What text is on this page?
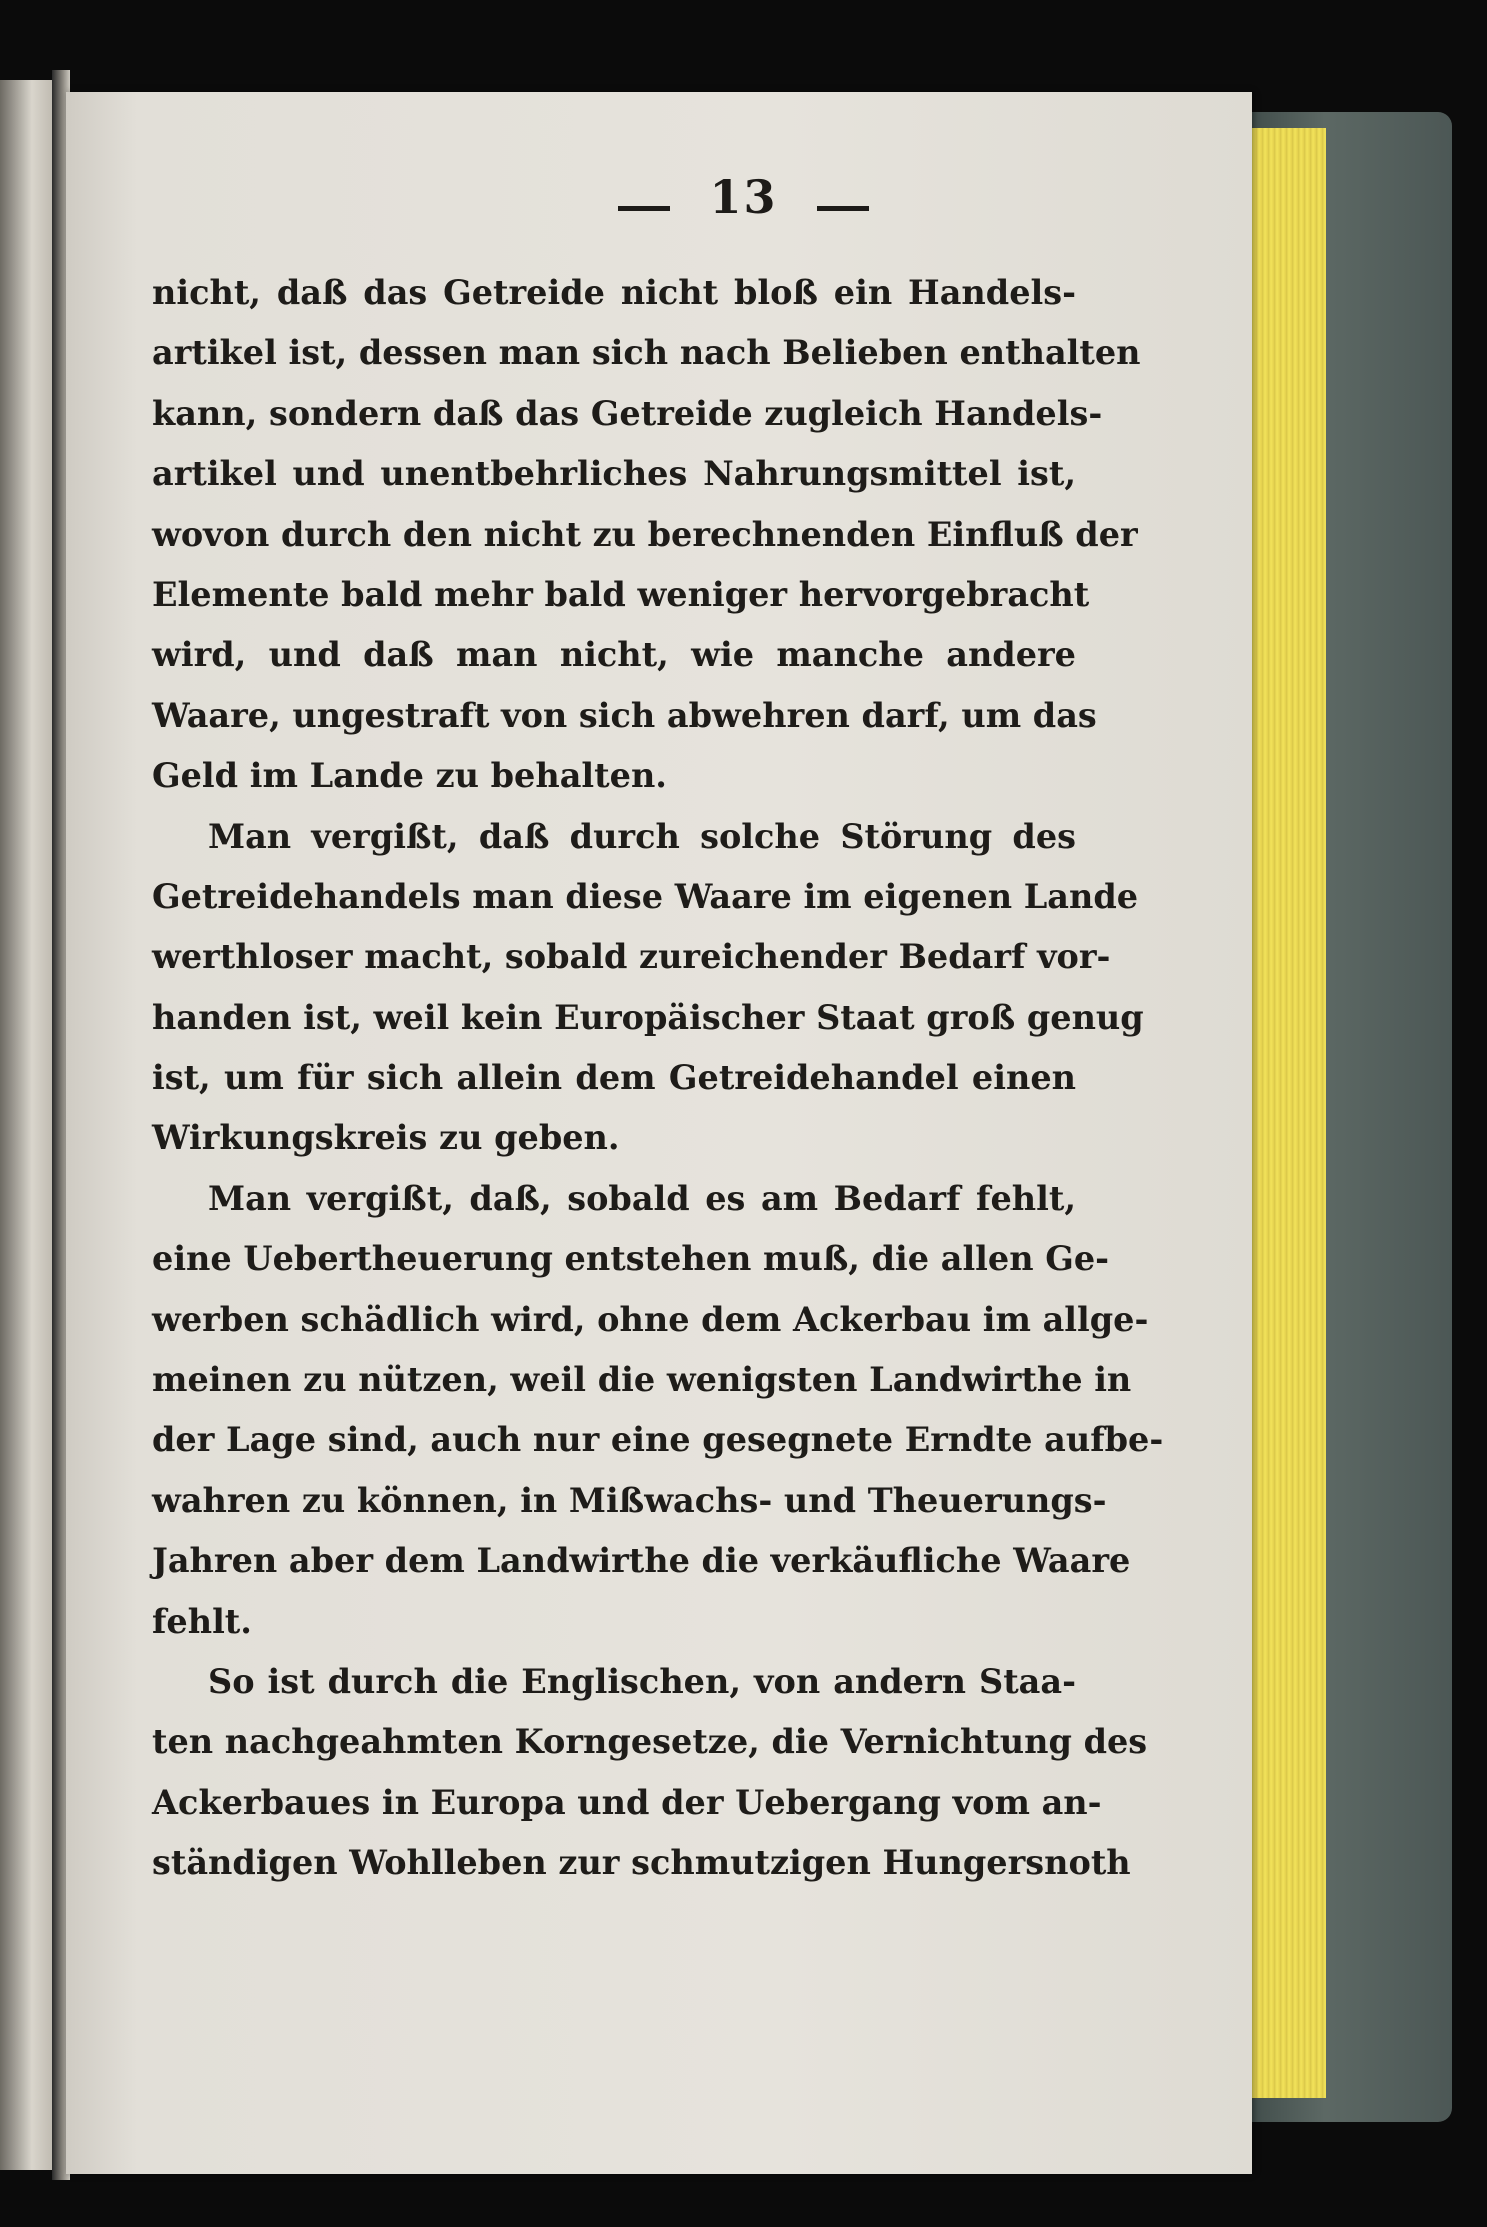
13
nicht, daß das Getreide nicht bloß ein Handels-
artikel ist, dessen man sich nach Belieben enthalten
kann, sondern daß das Getreide zugleich Handels-
artikel und unentbehrliches Nahrungsmittel ist,
wovon durch den nicht zu berechnenden Einfluß der
Elemente bald mehr bald weniger hervorgebracht
wird, und daß man nicht, wie manche andere
Waare, ungestraft von sich abwehren darf, um das
Geld im Lande zu behalten.
Man vergißt, daß durch solche Störung des
Getreidehandels man diese Waare im eigenen Lande
werthloser macht, sobald zureichender Bedarf vor-
handen ist, weil kein Europäischer Staat groß genug
ist, um für sich allein dem Getreidehandel einen
Wirkungskreis zu geben.
Man vergißt, daß, sobald es am Bedarf fehlt,
eine Uebertheuerung entstehen muß, die allen Ge-
werben schädlich wird, ohne dem Ackerbau im allge-
meinen zu nützen, weil die wenigsten Landwirthe in
der Lage sind, auch nur eine gesegnete Erndte aufbe-
wahren zu können, in Mißwachs- und Theuerungs-
Jahren aber dem Landwirthe die verkäufliche Waare
fehlt.
So ist durch die Englischen, von andern Staa-
ten nachgeahmten Korngesetze, die Vernichtung des
Ackerbaues in Europa und der Uebergang vom an-
ständigen Wohlleben zur schmutzigen Hungersnoth
